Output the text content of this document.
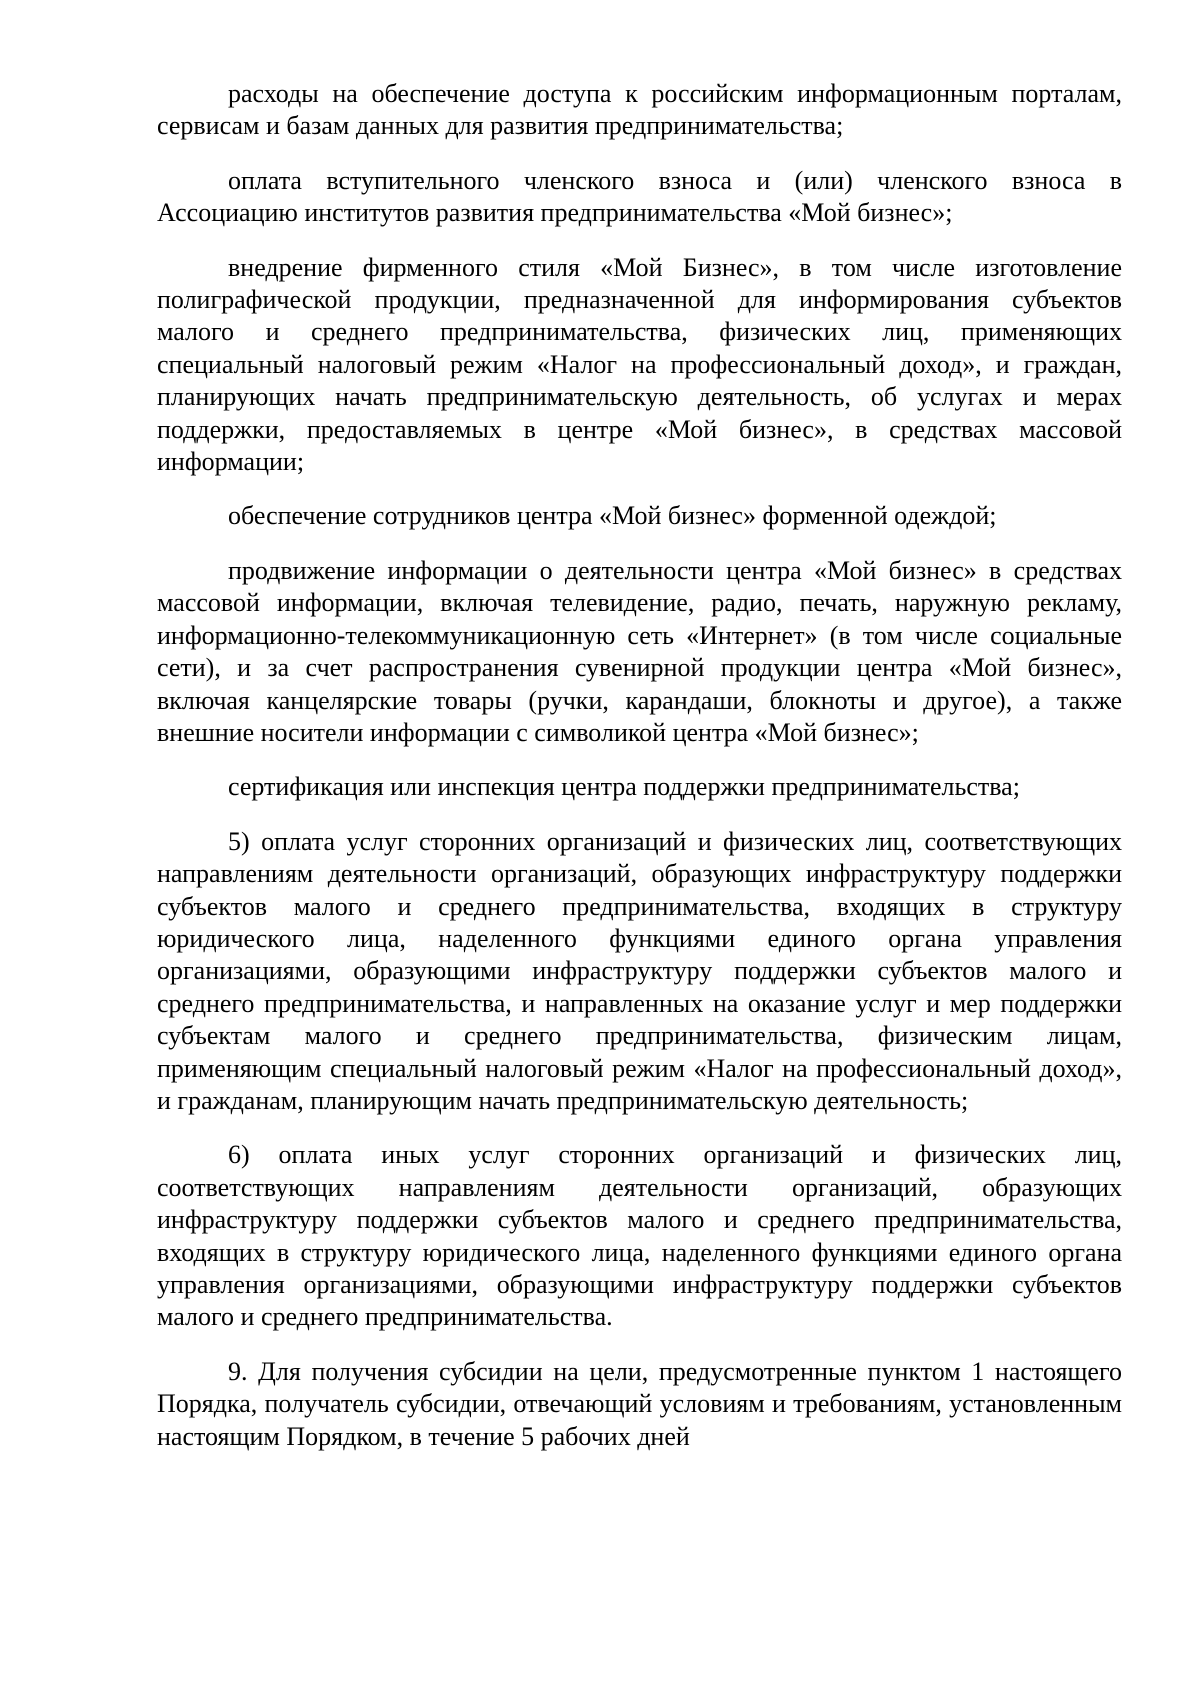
расходы на обеспечение доступа к российским информационным порталам, сервисам и базам данных для развития предпринимательства;

оплата вступительного членского взноса и (или) членского взноса в Ассоциацию институтов развития предпринимательства «Мой бизнес»;

внедрение фирменного стиля «Мой Бизнес», в том числе изготовление полиграфической продукции, предназначенной для информирования субъектов малого и среднего предпринимательства, физических лиц, применяющих специальный налоговый режим «Налог на профессиональный доход», и граждан, планирующих начать предпринимательскую деятельность, об услугах и мерах поддержки, предоставляемых в центре «Мой бизнес», в средствах массовой информации;

обеспечение сотрудников центра «Мой бизнес» форменной одеждой;

продвижение информации о деятельности центра «Мой бизнес» в средствах массовой информации, включая телевидение, радио, печать, наружную рекламу, информационно-телекоммуникационную сеть «Интернет» (в том числе социальные сети), и за счет распространения сувенирной продукции центра «Мой бизнес», включая канцелярские товары (ручки, карандаши, блокноты и другое), а также внешние носители информации с символикой центра «Мой бизнес»;

сертификация или инспекция центра поддержки предпринимательства;

5) оплата услуг сторонних организаций и физических лиц, соответствующих направлениям деятельности организаций, образующих инфраструктуру поддержки субъектов малого и среднего предпринимательства, входящих в структуру юридического лица, наделенного функциями единого органа управления организациями, образующими инфраструктуру поддержки субъектов малого и среднего предпринимательства, и направленных на оказание услуг и мер поддержки субъектам малого и среднего предпринимательства, физическим лицам, применяющим специальный налоговый режим «Налог на профессиональный доход», и гражданам, планирующим начать предпринимательскую деятельность;

6) оплата иных услуг сторонних организаций и физических лиц, соответствующих направлениям деятельности организаций, образующих инфраструктуру поддержки субъектов малого и среднего предпринимательства, входящих в структуру юридического лица, наделенного функциями единого органа управления организациями, образующими инфраструктуру поддержки субъектов малого и среднего предпринимательства.

9. Для получения субсидии на цели, предусмотренные пунктом 1 настоящего Порядка, получатель субсидии, отвечающий условиям и требованиям, установленным настоящим Порядком, в течение 5 рабочих дней
